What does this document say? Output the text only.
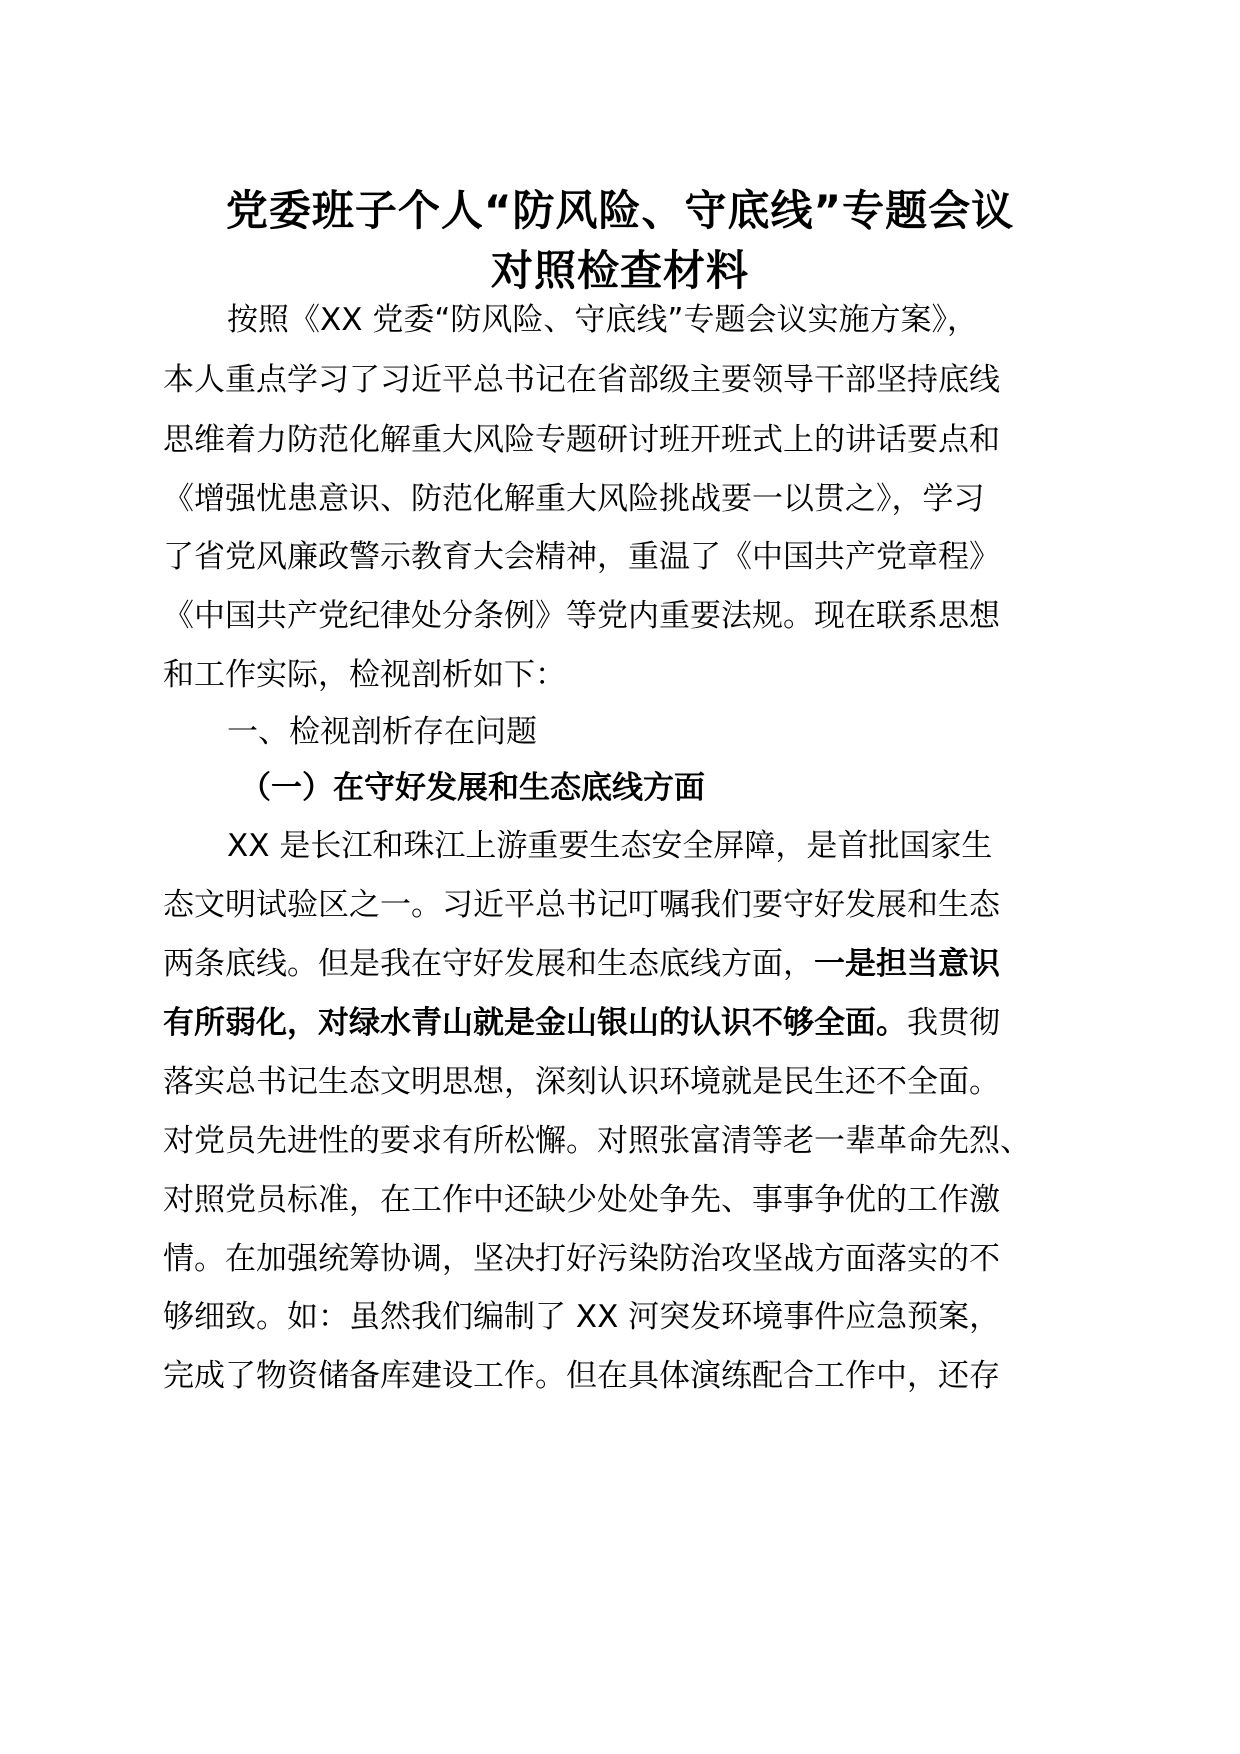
党委班子个人“防风险、守底线”专题会议
对照检查材料
按照《XX 党委“防风险、守底线”专题会议实施方案》，
本人重点学习了习近平总书记在省部级主要领导干部坚持底线
思维着力防范化解重大风险专题研讨班开班式上的讲话要点和
《增强忧患意识、防范化解重大风险挑战要一以贯之》，学习
了省党风廉政警示教育大会精神，重温了《中国共产党章程》
《中国共产党纪律处分条例》等党内重要法规。现在联系思想
和工作实际，检视剖析如下：
一、检视剖析存在问题
（一）在守好发展和生态底线方面
XX 是长江和珠江上游重要生态安全屏障，是首批国家生
态文明试验区之一。习近平总书记叮嘱我们要守好发展和生态
两条底线。但是我在守好发展和生态底线方面，一是担当意识
有所弱化，对绿水青山就是金山银山的认识不够全面。我贯彻
落实总书记生态文明思想，深刻认识环境就是民生还不全面。
对党员先进性的要求有所松懈。对照张富清等老一辈革命先烈、
对照党员标准，在工作中还缺少处处争先、事事争优的工作激
情。在加强统筹协调，坚决打好污染防治攻坚战方面落实的不
够细致。如：虽然我们编制了 XX 河突发环境事件应急预案，
完成了物资储备库建设工作。但在具体演练配合工作中，还存
